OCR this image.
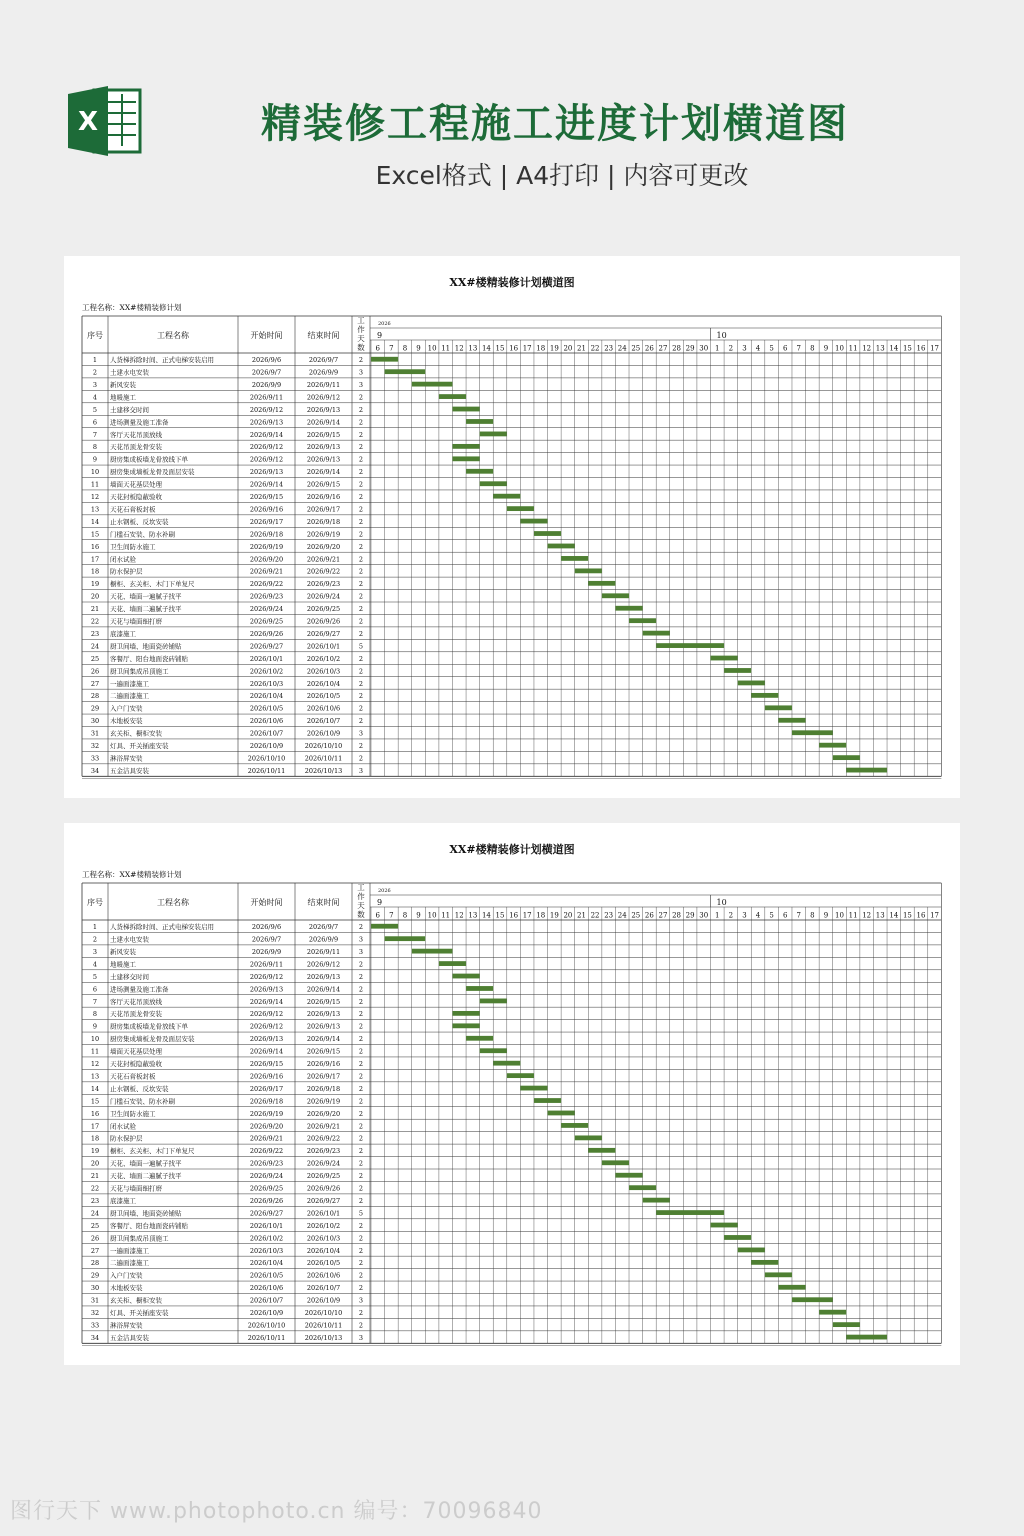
X	精装修工程施工进度计划横道图
Excel格式 | A4打印 | 内容可更改
XX#楼精装修计划横道图
工程名称：XX#楼精装修计划
序号	工程名称	开始时间	结束时间
工作天数
2026
9	10
6 7 8 9 10 11 12 13 14 15 16 17 18 19 20 21 22 23 24 25 26 27 28 29 30 1 2 3 4 5 6 7 8 9 10 11 12 13 14 15 16 17
1 人货梯拆除时间、正式电梯安装启用	2026/9/6	2026/9/7	2
2 土建水电安装	2026/9/7	2026/9/9	3
3 新风安装	2026/9/9	2026/9/11	3
4 地暖施工	2026/9/11	2026/9/12	2
5 土建移交时间	2026/9/12	2026/9/13	2
6 进场测量及施工准备	2026/9/13	2026/9/14	2
7 客厅天花吊顶放线	2026/9/14	2026/9/15	2
8 天花吊顶龙骨安装	2026/9/12	2026/9/13	2
9 厨房集成板墙龙骨放线下单	2026/9/12	2026/9/13	2
10 厨房集成墙板龙骨及面层安装	2026/9/13	2026/9/14	2
11 墙面天花基层处理	2026/9/14	2026/9/15	2
12 天花封板隐蔽验收	2026/9/15	2026/9/16	2
13 天花石膏板封板	2026/9/16	2026/9/17	2
14 止水钢板、反坎安装	2026/9/17	2026/9/18	2
15 门槛石安装、防水补刷	2026/9/18	2026/9/19	2
16 卫生间防水施工	2026/9/19	2026/9/20	2
17 闭水试验	2026/9/20	2026/9/21	2
18 防水保护层	2026/9/21	2026/9/22	2
19 橱柜、玄关柜、木门下单复尺	2026/9/22	2026/9/23	2
20 天花、墙面一遍腻子找平	2026/9/23	2026/9/24	2
21 天花、墙面二遍腻子找平	2026/9/24	2026/9/25	2
22 天花与墙面细打磨	2026/9/25	2026/9/26	2
23 底漆施工	2026/9/26	2026/9/27	2
24 厨卫间墙、地面瓷砖铺贴	2026/9/27	2026/10/1	5
25 客餐厅、阳台地面瓷砖铺贴	2026/10/1	2026/10/2	2
26 厨卫间集成吊顶施工	2026/10/2	2026/10/3	2
27 一遍面漆施工	2026/10/3	2026/10/4	2
28 二遍面漆施工	2026/10/4	2026/10/5	2
29 入户门安装	2026/10/5	2026/10/6	2
30 木地板安装	2026/10/6	2026/10/7	2
31 玄关柜、橱柜安装	2026/10/7	2026/10/9	3
32 灯具、开关插座安装	2026/10/9	2026/10/10	2
33 淋浴屏安装	2026/10/10	2026/10/11	2
34 五金洁具安装	2026/10/11	2026/10/13	3
XX#楼精装修计划横道图
工程名称：XX#楼精装修计划
序号	工程名称	开始时间	结束时间
工作天数
2026
9	10
6 7 8 9 10 11 12 13 14 15 16 17 18 19 20 21 22 23 24 25 26 27 28 29 30 1 2 3 4 5 6 7 8 9 10 11 12 13 14 15 16 17
1 人货梯拆除时间、正式电梯安装启用	2026/9/6	2026/9/7	2
2 土建水电安装	2026/9/7	2026/9/9	3
3 新风安装	2026/9/9	2026/9/11	3
4 地暖施工	2026/9/11	2026/9/12	2
5 土建移交时间	2026/9/12	2026/9/13	2
6 进场测量及施工准备	2026/9/13	2026/9/14	2
7 客厅天花吊顶放线	2026/9/14	2026/9/15	2
8 天花吊顶龙骨安装	2026/9/12	2026/9/13	2
9 厨房集成板墙龙骨放线下单	2026/9/12	2026/9/13	2
10 厨房集成墙板龙骨及面层安装	2026/9/13	2026/9/14	2
11 墙面天花基层处理	2026/9/14	2026/9/15	2
12 天花封板隐蔽验收	2026/9/15	2026/9/16	2
13 天花石膏板封板	2026/9/16	2026/9/17	2
14 止水钢板、反坎安装	2026/9/17	2026/9/18	2
15 门槛石安装、防水补刷	2026/9/18	2026/9/19	2
16 卫生间防水施工	2026/9/19	2026/9/20	2
17 闭水试验	2026/9/20	2026/9/21	2
18 防水保护层	2026/9/21	2026/9/22	2
19 橱柜、玄关柜、木门下单复尺	2026/9/22	2026/9/23	2
20 天花、墙面一遍腻子找平	2026/9/23	2026/9/24	2
21 天花、墙面二遍腻子找平	2026/9/24	2026/9/25	2
22 天花与墙面细打磨	2026/9/25	2026/9/26	2
23 底漆施工	2026/9/26	2026/9/27	2
24 厨卫间墙、地面瓷砖铺贴	2026/9/27	2026/10/1	5
25 客餐厅、阳台地面瓷砖铺贴	2026/10/1	2026/10/2	2
26 厨卫间集成吊顶施工	2026/10/2	2026/10/3	2
27 一遍面漆施工	2026/10/3	2026/10/4	2
28 二遍面漆施工	2026/10/4	2026/10/5	2
29 入户门安装	2026/10/5	2026/10/6	2
30 木地板安装	2026/10/6	2026/10/7	2
31 玄关柜、橱柜安装	2026/10/7	2026/10/9	3
32 灯具、开关插座安装	2026/10/9	2026/10/10	2
33 淋浴屏安装	2026/10/10	2026/10/11	2
34 五金洁具安装	2026/10/11	2026/10/13	3
图行天下 www.photophoto.cn 编号：70096840
